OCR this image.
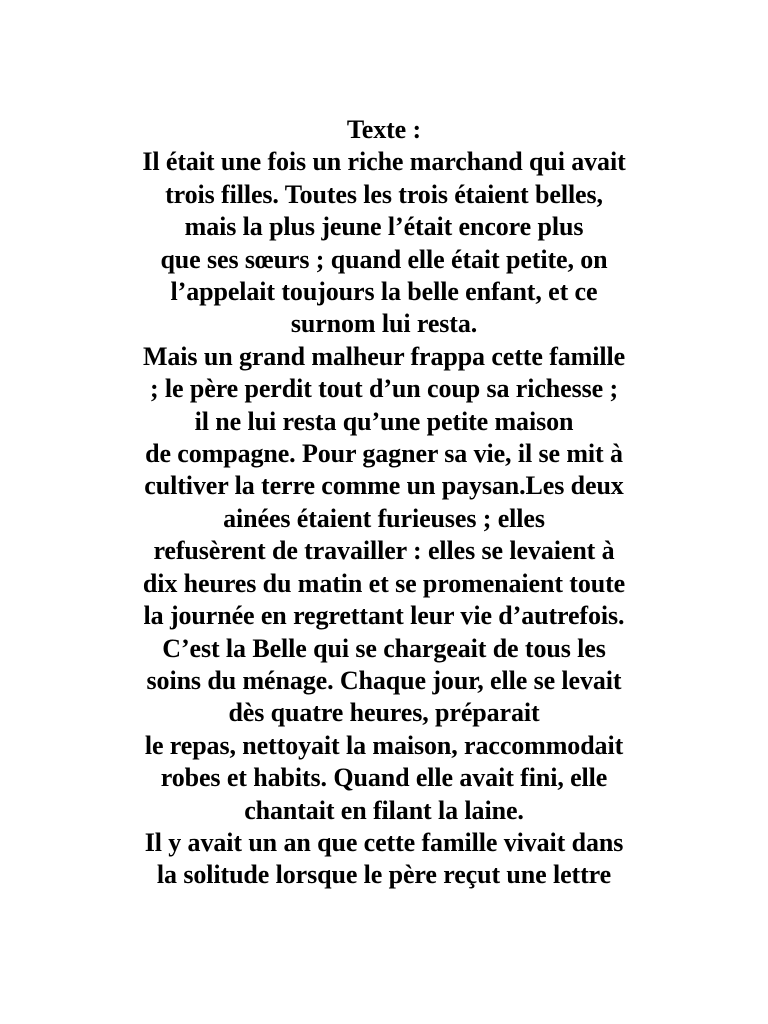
Texte :
Il était une fois un riche marchand qui avait
trois filles. Toutes les trois étaient belles,
mais la plus jeune l’était encore plus
que ses sœurs ; quand elle était petite, on
l’appelait toujours la belle enfant, et ce
surnom lui resta.
Mais un grand malheur frappa cette famille
; le père perdit tout d’un coup sa richesse ;
il ne lui resta qu’une petite maison
de compagne. Pour gagner sa vie, il se mit à
cultiver la terre comme un paysan.Les deux
ainées étaient furieuses ; elles
refusèrent de travailler : elles se levaient à
dix heures du matin et se promenaient toute
la journée en regrettant leur vie d’autrefois.
C’est la Belle qui se chargeait de tous les
soins du ménage. Chaque jour, elle se levait
dès quatre heures, préparait
le repas, nettoyait la maison, raccommodait
robes et habits. Quand elle avait fini, elle
chantait en filant la laine.
Il y avait un an que cette famille vivait dans
la solitude lorsque le père reçut une lettre
